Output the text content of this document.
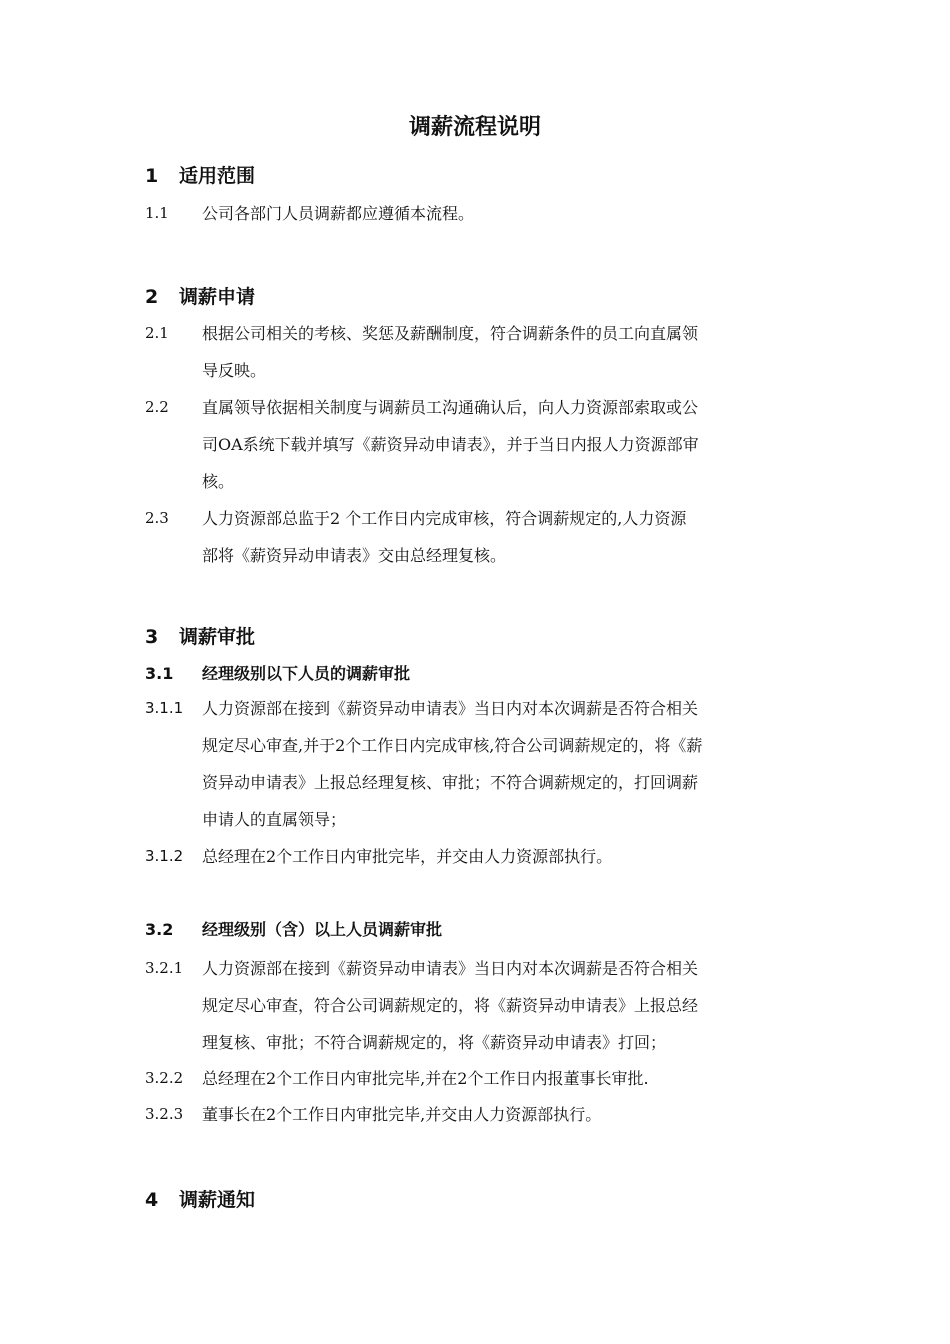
调薪流程说明
1 适用范围
1.1	公司各部门人员调薪都应遵循本流程。
2 调薪申请
2.1	根据公司相关的考核、奖惩及薪酬制度，符合调薪条件的员工向直属领
导反映。
2.2	直属领导依据相关制度与调薪员工沟通确认后，向人力资源部索取或公
司OA系统下载并填写《薪资异动申请表》，并于当日内报人力资源部审
核。
2.3	人力资源部总监于2 个工作日内完成审核，符合调薪规定的,人力资源
部将《薪资异动申请表》交由总经理复核。
3 调薪审批
3.1 经理级别以下人员的调薪审批
3.1.1	人力资源部在接到《薪资异动申请表》当日内对本次调薪是否符合相关
规定尽心审查,并于2个工作日内完成审核,符合公司调薪规定的，将《薪
资异动申请表》上报总经理复核、审批；不符合调薪规定的，打回调薪
申请人的直属领导；
3.1.2	总经理在2个工作日内审批完毕，并交由人力资源部执行。
3.2 经理级别（含）以上人员调薪审批
3.2.1	人力资源部在接到《薪资异动申请表》当日内对本次调薪是否符合相关
规定尽心审查，符合公司调薪规定的，将《薪资异动申请表》上报总经
理复核、审批；不符合调薪规定的，将《薪资异动申请表》打回；
3.2.2	总经理在2个工作日内审批完毕,并在2个工作日内报董事长审批.
3.2.3	董事长在2个工作日内审批完毕,并交由人力资源部执行。
4 调薪通知
